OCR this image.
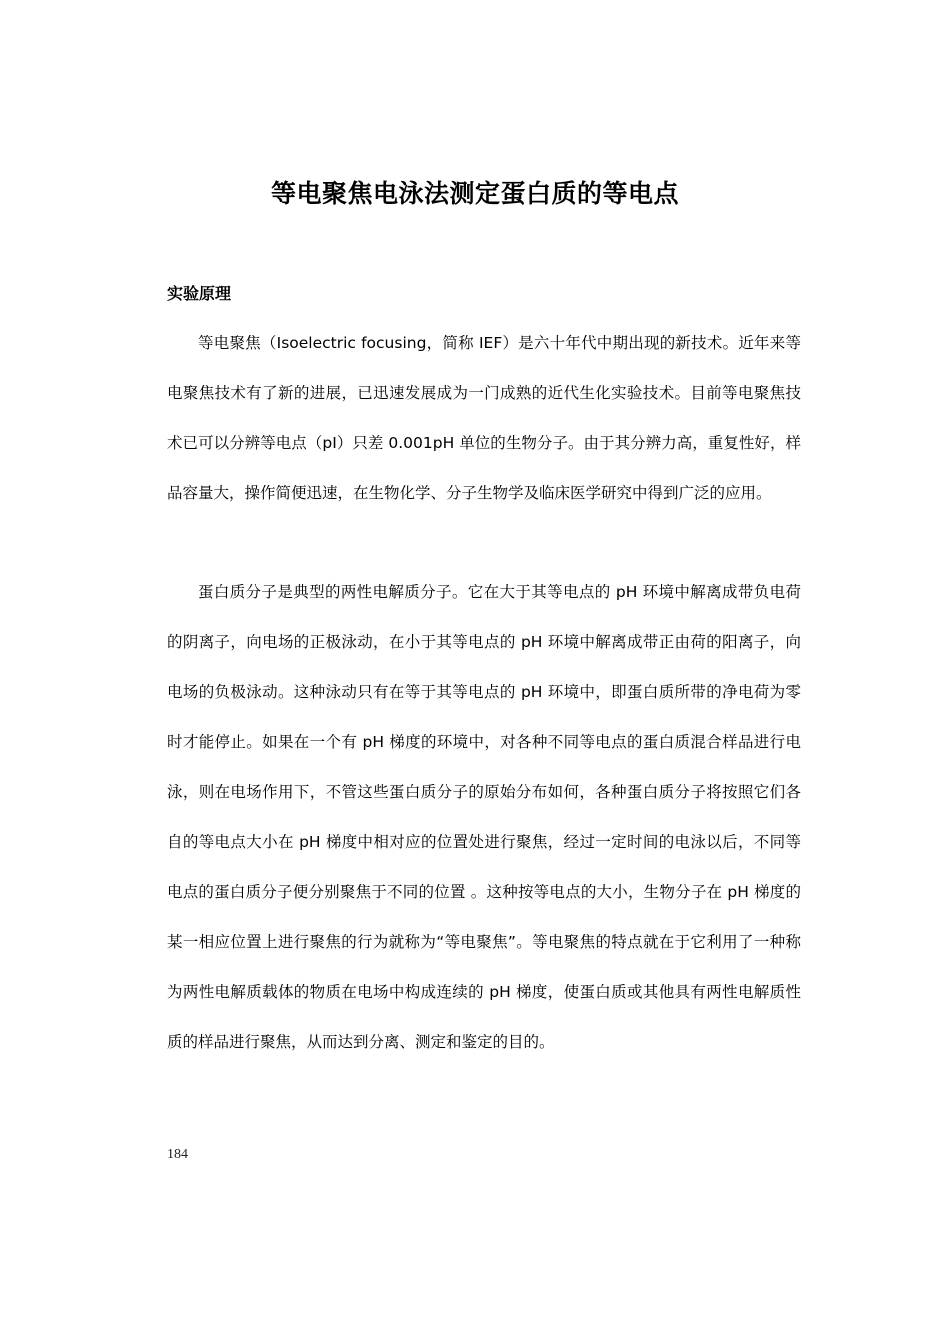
等电聚焦电泳法测定蛋白质的等电点
实验原理

等电聚焦（Isoelectric focusing，简称 IEF）是六十年代中期出现的新技术。近年来等电聚焦技术有了新的进展，已迅速发展成为一门成熟的近代生化实验技术。目前等电聚焦技术已可以分辨等电点（pI）只差 0.001pH 单位的生物分子。由于其分辨力高，重复性好，样品容量大，操作简便迅速，在生物化学、分子生物学及临床医学研究中得到广泛的应用。

蛋白质分子是典型的两性电解质分子。它在大于其等电点的 pH 环境中解离成带负电荷的阴离子，向电场的正极泳动，在小于其等电点的 pH 环境中解离成带正由荷的阳离子，向电场的负极泳动。这种泳动只有在等于其等电点的 pH 环境中，即蛋白质所带的净电荷为零时才能停止。如果在一个有 pH 梯度的环境中，对各种不同等电点的蛋白质混合样品进行电泳，则在电场作用下，不管这些蛋白质分子的原始分布如何，各种蛋白质分子将按照它们各自的等电点大小在 pH 梯度中相对应的位置处进行聚焦，经过一定时间的电泳以后，不同等电点的蛋白质分子便分别聚焦于不同的位置 。这种按等电点的大小，生物分子在 pH 梯度的某一相应位置上进行聚焦的行为就称为“等电聚焦”。等电聚焦的特点就在于它利用了一种称为两性电解质载体的物质在电场中构成连续的 pH 梯度，使蛋白质或其他具有两性电解质性质的样品进行聚焦，从而达到分离、测定和鉴定的目的。

184
